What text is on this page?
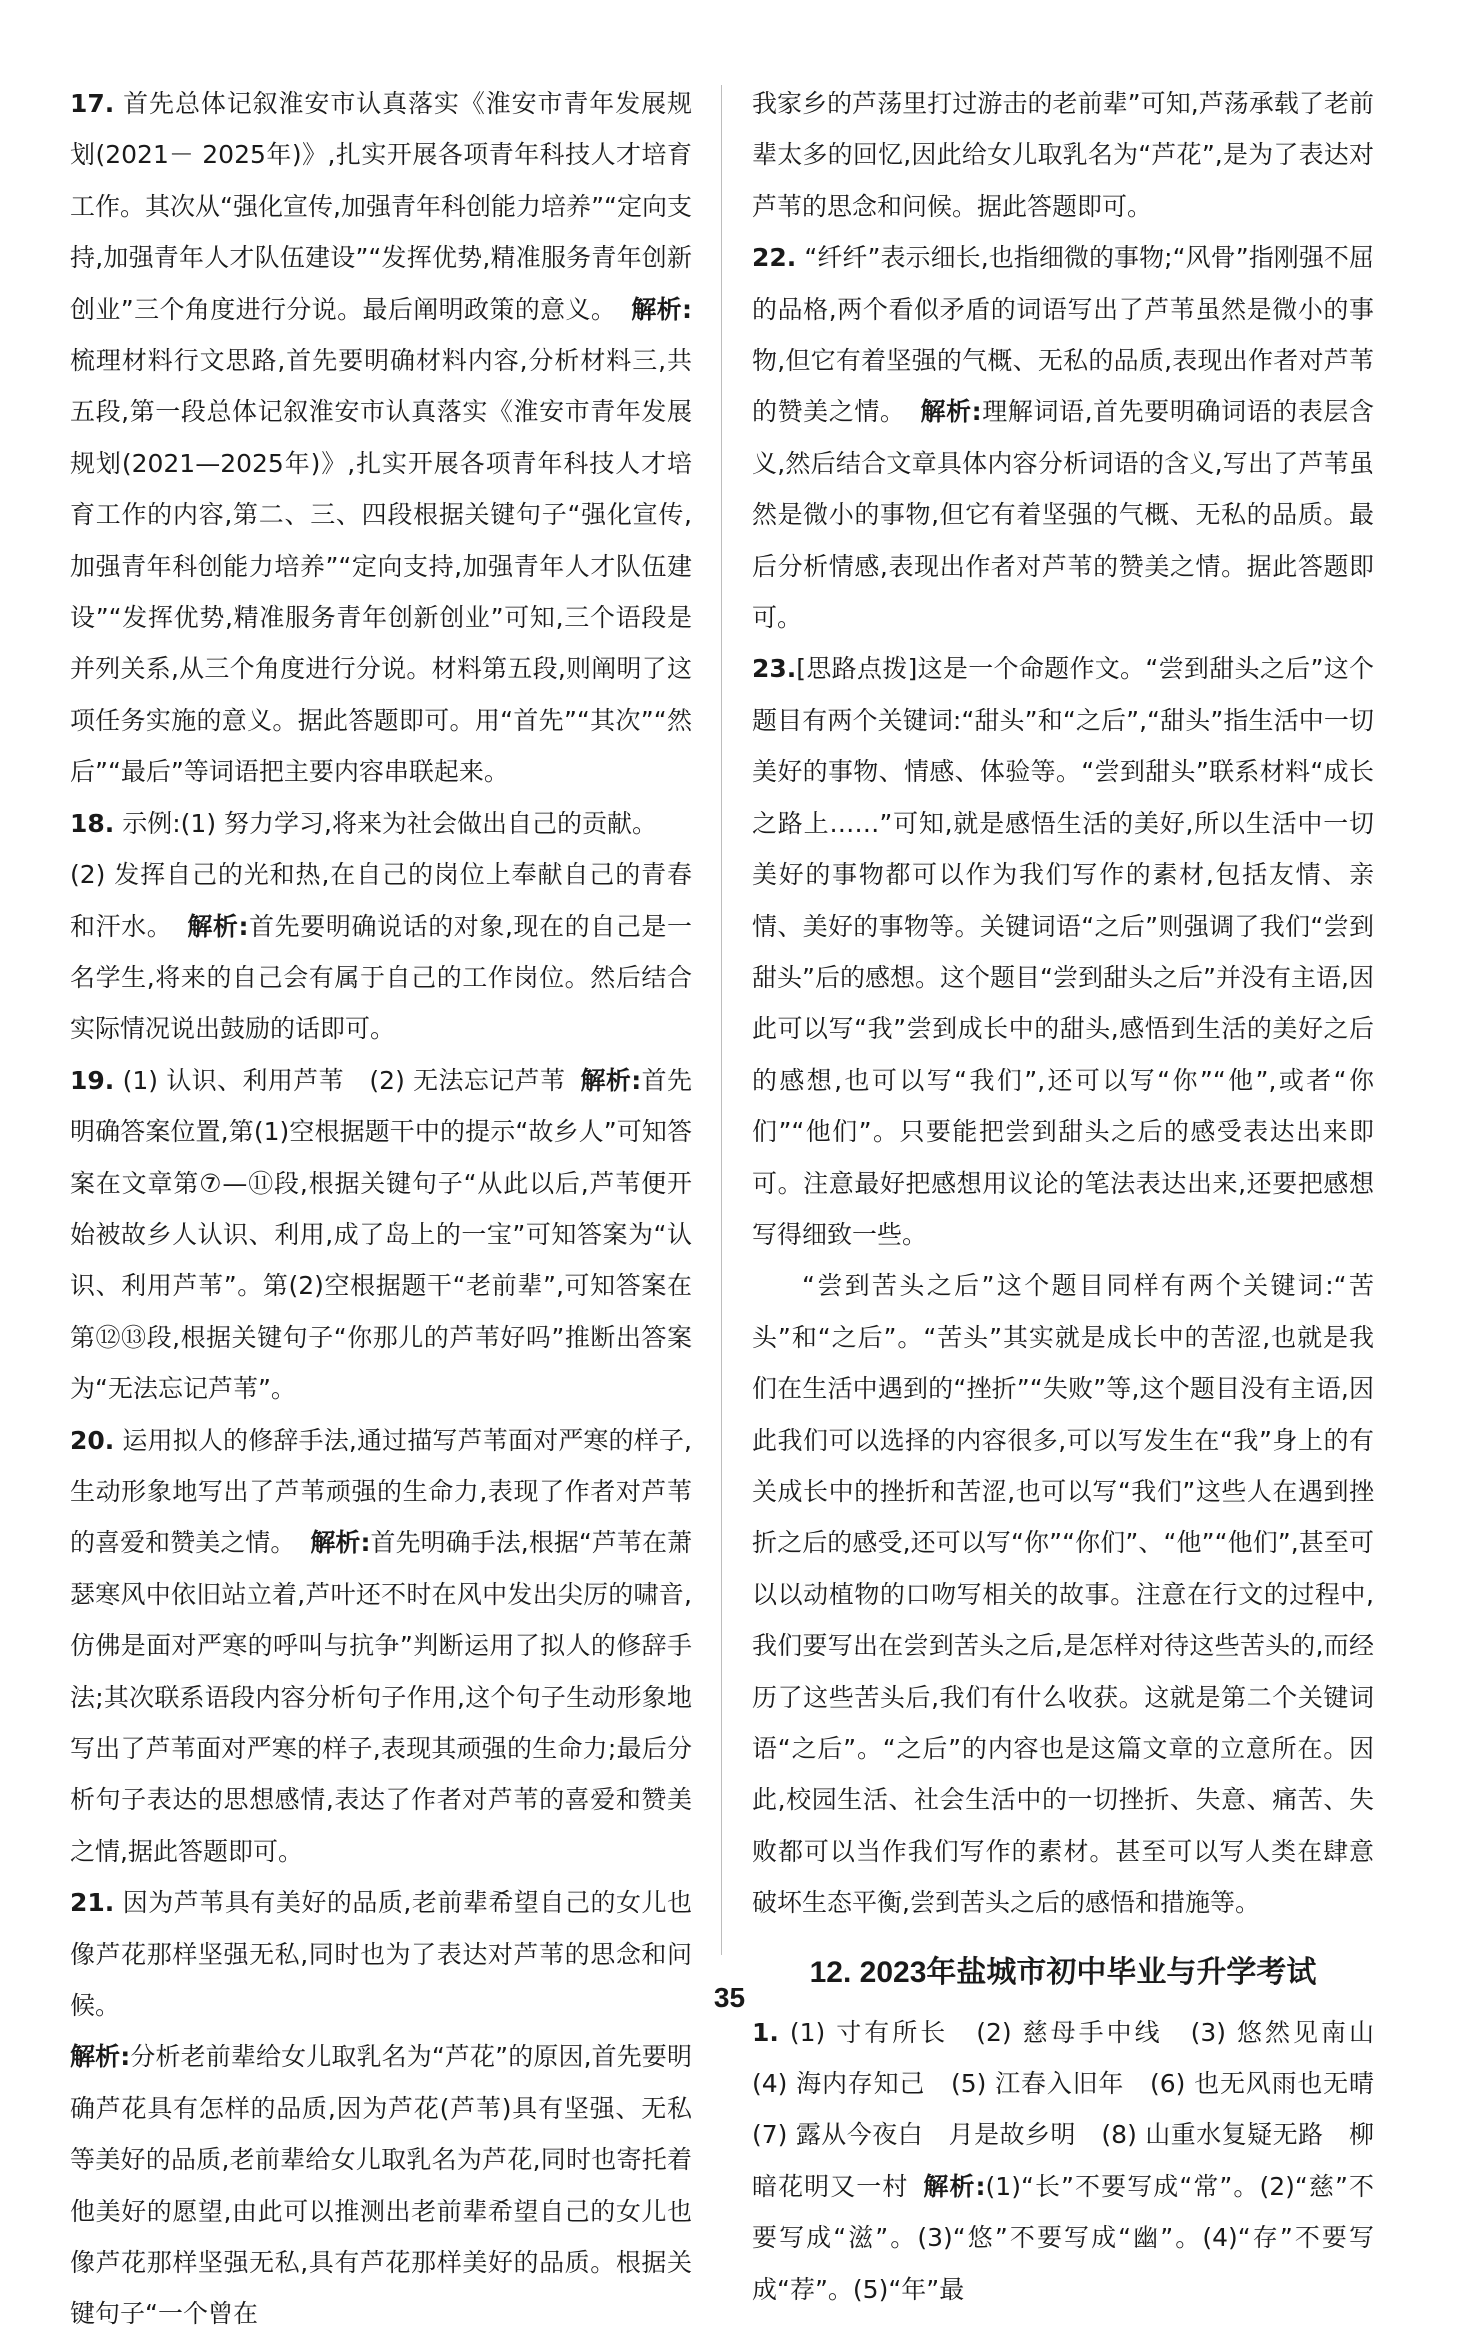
17. 首先总体记叙淮安市认真落实《淮安市青年发展规划(2021－ 2025年)》,扎实开展各项青年科技人才培育工作。其次从“强化宣传,加强青年科创能力培养”“定向支持,加强青年人才队伍建设”“发挥优势,精准服务青年创新创业”三个角度进行分说。最后阐明政策的意义。 解析:梳理材料行文思路,首先要明确材料内容,分析材料三,共五段,第一段总体记叙淮安市认真落实《淮安市青年发展规划(2021—2025年)》,扎实开展各项青年科技人才培育工作的内容,第二、三、四段根据关键句子“强化宣传,加强青年科创能力培养”“定向支持,加强青年人才队伍建设”“发挥优势,精准服务青年创新创业”可知,三个语段是并列关系,从三个角度进行分说。材料第五段,则阐明了这项任务实施的意义。据此答题即可。用“首先”“其次”“然后”“最后”等词语把主要内容串联起来。

18. 示例:(1) 努力学习,将来为社会做出自己的贡献。

(2) 发挥自己的光和热,在自己的岗位上奉献自己的青春和汗水。 解析:首先要明确说话的对象,现在的自己是一名学生,将来的自己会有属于自己的工作岗位。然后结合实际情况说出鼓励的话即可。

19. (1) 认识、利用芦苇　(2) 无法忘记芦苇 解析:首先明确答案位置,第(1)空根据题干中的提示“故乡人”可知答案在文章第⑦—⑪段,根据关键句子“从此以后,芦苇便开始被故乡人认识、利用,成了岛上的一宝”可知答案为“认识、利用芦苇”。第(2)空根据题干“老前辈”,可知答案在第⑫⑬段,根据关键句子“你那儿的芦苇好吗”推断出答案为“无法忘记芦苇”。

20. 运用拟人的修辞手法,通过描写芦苇面对严寒的样子,生动形象地写出了芦苇顽强的生命力,表现了作者对芦苇的喜爱和赞美之情。 解析:首先明确手法,根据“芦苇在萧瑟寒风中依旧站立着,芦叶还不时在风中发出尖厉的啸音,仿佛是面对严寒的呼叫与抗争”判断运用了拟人的修辞手法;其次联系语段内容分析句子作用,这个句子生动形象地写出了芦苇面对严寒的样子,表现其顽强的生命力;最后分析句子表达的思想感情,表达了作者对芦苇的喜爱和赞美之情,据此答题即可。

21. 因为芦苇具有美好的品质,老前辈希望自己的女儿也像芦花那样坚强无私,同时也为了表达对芦苇的思念和问候。

解析:分析老前辈给女儿取乳名为“芦花”的原因,首先要明确芦花具有怎样的品质,因为芦花(芦苇)具有坚强、无私等美好的品质,老前辈给女儿取乳名为芦花,同时也寄托着他美好的愿望,由此可以推测出老前辈希望自己的女儿也像芦花那样坚强无私,具有芦花那样美好的品质。根据关键句子“一个曾在

我家乡的芦荡里打过游击的老前辈”可知,芦荡承载了老前辈太多的回忆,因此给女儿取乳名为“芦花”,是为了表达对芦苇的思念和问候。据此答题即可。

22. “纤纤”表示细长,也指细微的事物;“风骨”指刚强不屈的品格,两个看似矛盾的词语写出了芦苇虽然是微小的事物,但它有着坚强的气概、无私的品质,表现出作者对芦苇的赞美之情。 解析:理解词语,首先要明确词语的表层含义,然后结合文章具体内容分析词语的含义,写出了芦苇虽然是微小的事物,但它有着坚强的气概、无私的品质。最后分析情感,表现出作者对芦苇的赞美之情。据此答题即可。

23.[思路点拨]这是一个命题作文。“尝到甜头之后”这个题目有两个关键词:“甜头”和“之后”,“甜头”指生活中一切美好的事物、情感、体验等。“尝到甜头”联系材料“成长之路上……”可知,就是感悟生活的美好,所以生活中一切美好的事物都可以作为我们写作的素材,包括友情、亲情、美好的事物等。关键词语“之后”则强调了我们“尝到甜头”后的感想。这个题目“尝到甜头之后”并没有主语,因此可以写“我”尝到成长中的甜头,感悟到生活的美好之后的感想,也可以写“我们”,还可以写“你”“他”,或者“你们”“他们”。只要能把尝到甜头之后的感受表达出来即可。注意最好把感想用议论的笔法表达出来,还要把感想写得细致一些。

“尝到苦头之后”这个题目同样有两个关键词:“苦头”和“之后”。“苦头”其实就是成长中的苦涩,也就是我们在生活中遇到的“挫折”“失败”等,这个题目没有主语,因此我们可以选择的内容很多,可以写发生在“我”身上的有关成长中的挫折和苦涩,也可以写“我们”这些人在遇到挫折之后的感受,还可以写“你”“你们”、“他”“他们”,甚至可以以动植物的口吻写相关的故事。注意在行文的过程中,我们要写出在尝到苦头之后,是怎样对待这些苦头的,而经历了这些苦头后,我们有什么收获。这就是第二个关键词语“之后”。“之后”的内容也是这篇文章的立意所在。因此,校园生活、社会生活中的一切挫折、失意、痛苦、失败都可以当作我们写作的素材。甚至可以写人类在肆意破坏生态平衡,尝到苦头之后的感悟和措施等。

12. 2023年盐城市初中毕业与升学考试

1. (1) 寸有所长　(2) 慈母手中线　(3) 悠然见南山　(4) 海内存知己　(5) 江春入旧年　(6) 也无风雨也无晴　(7) 露从今夜白　月是故乡明　(8) 山重水复疑无路　柳暗花明又一村 解析:(1)“长”不要写成“常”。(2)“慈”不要写成“滋”。(3)“悠”不要写成“幽”。(4)“存”不要写成“荐”。(5)“年”最

35
